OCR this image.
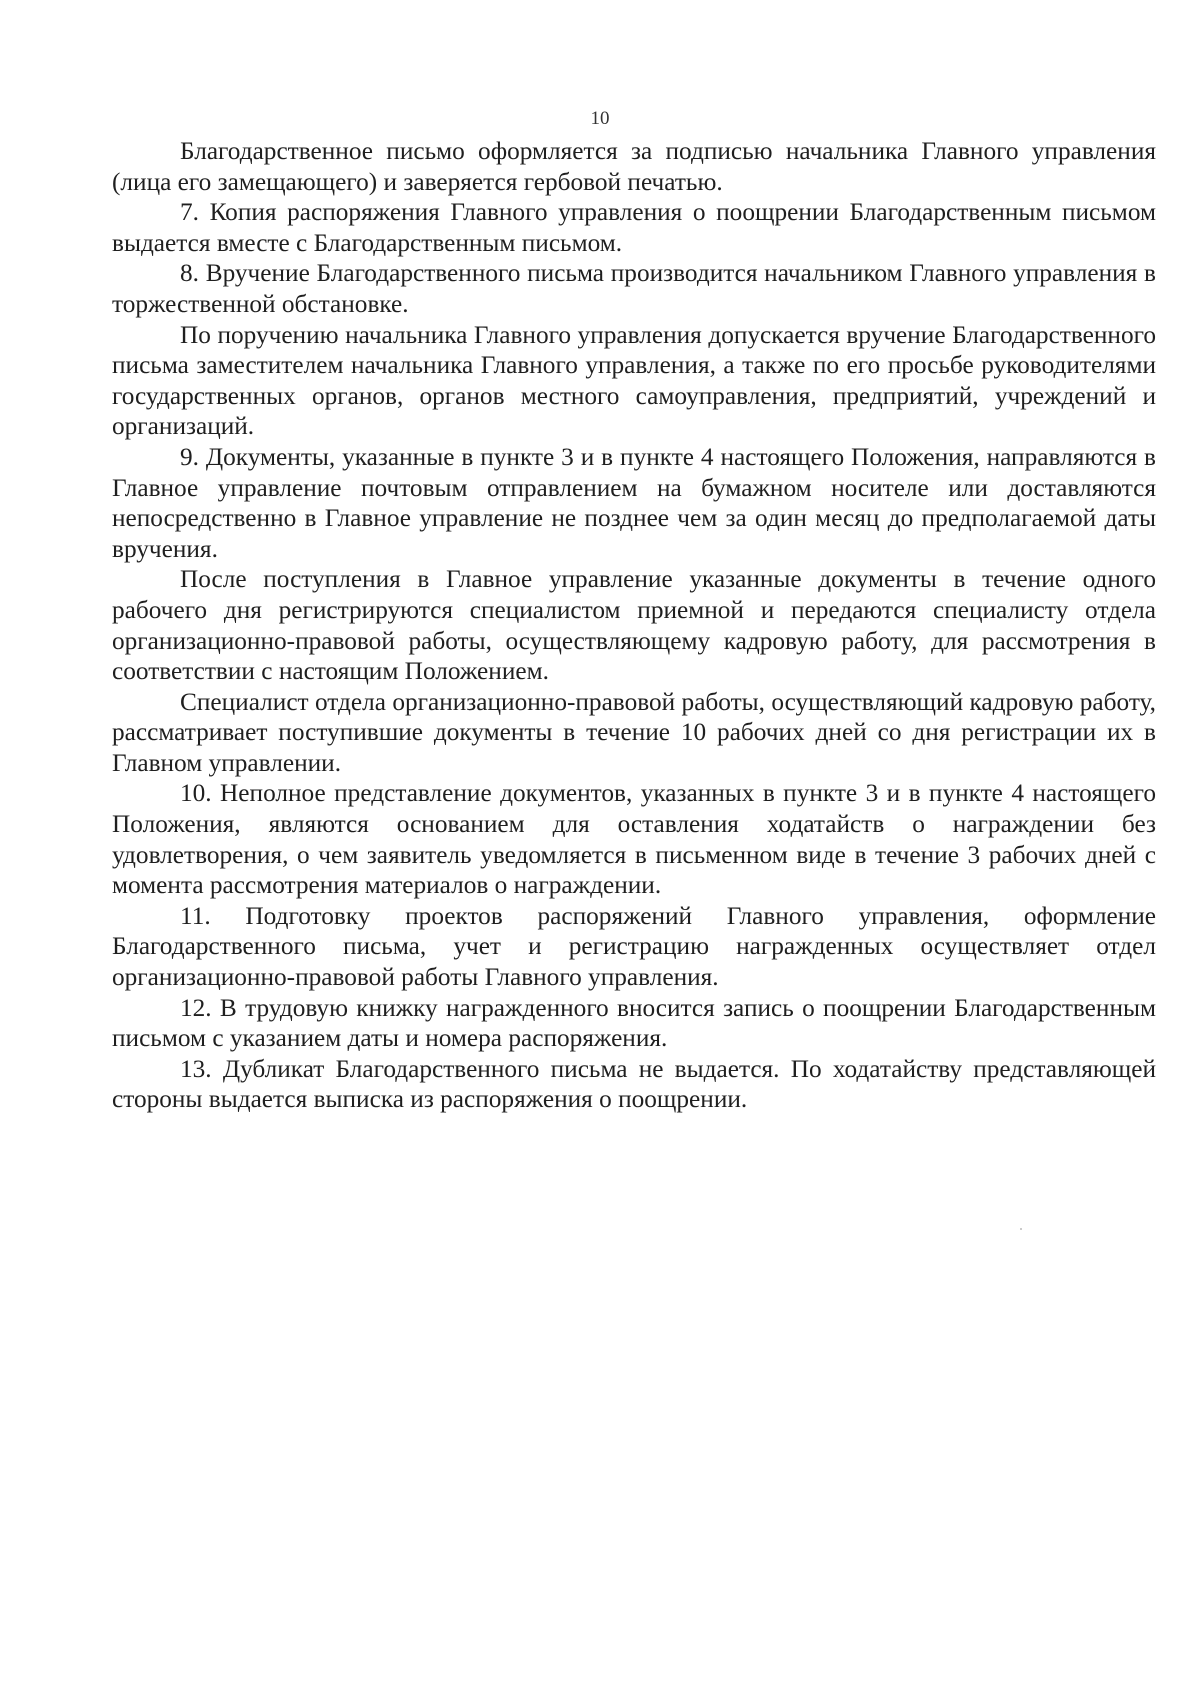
10

Благодарственное письмо оформляется за подписью начальника Главного управления (лица его замещающего) и заверяется гербовой печатью.

7. Копия распоряжения Главного управления о поощрении Благодарственным письмом выдается вместе с Благодарственным письмом.

8. Вручение Благодарственного письма производится начальником Главного управления в торжественной обстановке.

По поручению начальника Главного управления допускается вручение Благодарственного письма заместителем начальника Главного управления, а также по его просьбе руководителями государственных органов, органов местного самоуправления, предприятий, учреждений и организаций.

9. Документы, указанные в пункте 3 и в пункте 4 настоящего Положения, направляются в Главное управление почтовым отправлением на бумажном носителе или доставляются непосредственно в Главное управление не позднее чем за один месяц до предполагаемой даты вручения.

После поступления в Главное управление указанные документы в течение одного рабочего дня регистрируются специалистом приемной и передаются специалисту отдела организационно-правовой работы, осуществляющему кадровую работу, для рассмотрения в соответствии с настоящим Положением.

Специалист отдела организационно-правовой работы, осуществляющий кадровую работу, рассматривает поступившие документы в течение 10 рабочих дней со дня регистрации их в Главном управлении.

10. Неполное представление документов, указанных в пункте 3 и в пункте 4 настоящего Положения, являются основанием для оставления ходатайств о награждении без удовлетворения, о чем заявитель уведомляется в письменном виде в течение 3 рабочих дней с момента рассмотрения материалов о награждении.

11. Подготовку проектов распоряжений Главного управления, оформление Благодарственного письма, учет и регистрацию награжденных осуществляет отдел организационно-правовой работы Главного управления.

12. В трудовую книжку награжденного вносится запись о поощрении Благодарственным письмом с указанием даты и номера распоряжения.

13. Дубликат Благодарственного письма не выдается. По ходатайству представляющей стороны выдается выписка из распоряжения о поощрении.
